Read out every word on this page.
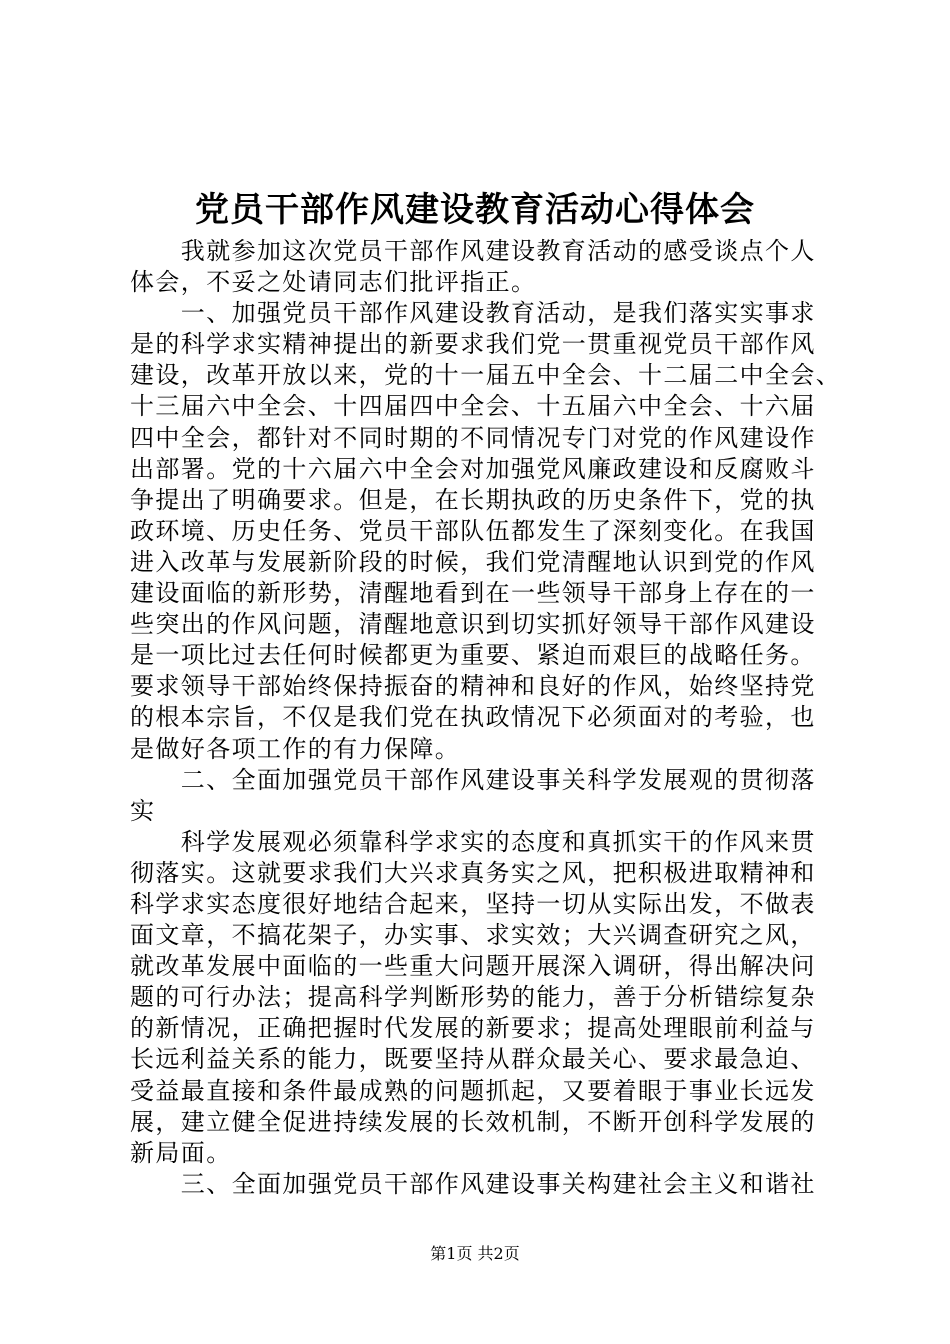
党员干部作风建设教育活动心得体会
　　我就参加这次党员干部作风建设教育活动的感受谈点个人
体会，不妥之处请同志们批评指正。
　　一、加强党员干部作风建设教育活动，是我们落实实事求
是的科学求实精神提出的新要求我们党一贯重视党员干部作风
建设，改革开放以来，党的十一届五中全会、十二届二中全会、
十三届六中全会、十四届四中全会、十五届六中全会、十六届
四中全会，都针对不同时期的不同情况专门对党的作风建设作
出部署。党的十六届六中全会对加强党风廉政建设和反腐败斗
争提出了明确要求。但是，在长期执政的历史条件下，党的执
政环境、历史任务、党员干部队伍都发生了深刻变化。在我国
进入改革与发展新阶段的时候，我们党清醒地认识到党的作风
建设面临的新形势，清醒地看到在一些领导干部身上存在的一
些突出的作风问题，清醒地意识到切实抓好领导干部作风建设
是一项比过去任何时候都更为重要、紧迫而艰巨的战略任务。
要求领导干部始终保持振奋的精神和良好的作风，始终坚持党
的根本宗旨，不仅是我们党在执政情况下必须面对的考验，也
是做好各项工作的有力保障。
　　二、全面加强党员干部作风建设事关科学发展观的贯彻落
实
　　科学发展观必须靠科学求实的态度和真抓实干的作风来贯
彻落实。这就要求我们大兴求真务实之风，把积极进取精神和
科学求实态度很好地结合起来，坚持一切从实际出发，不做表
面文章，不搞花架子，办实事、求实效；大兴调查研究之风，
就改革发展中面临的一些重大问题开展深入调研，得出解决问
题的可行办法；提高科学判断形势的能力，善于分析错综复杂
的新情况，正确把握时代发展的新要求；提高处理眼前利益与
长远利益关系的能力，既要坚持从群众最关心、要求最急迫、
受益最直接和条件最成熟的问题抓起，又要着眼于事业长远发
展，建立健全促进持续发展的长效机制，不断开创科学发展的
新局面。
　　三、全面加强党员干部作风建设事关构建社会主义和谐社
第1页 共2页
